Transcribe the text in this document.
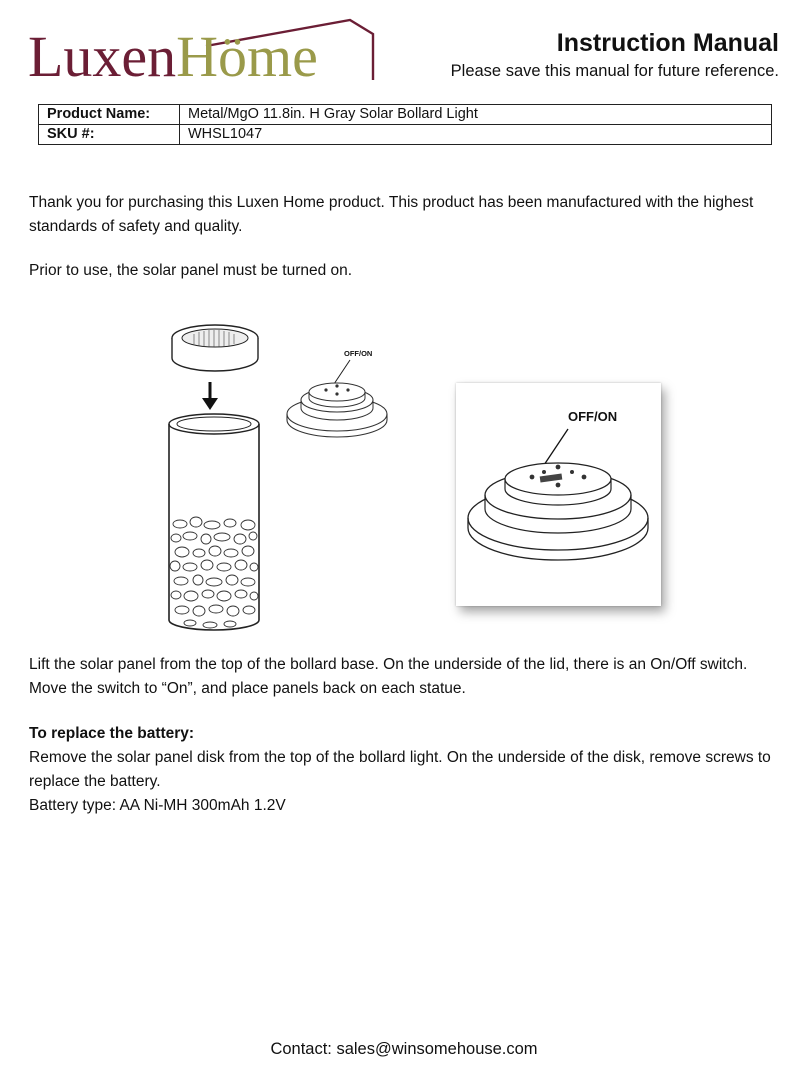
LuxenHöme	Instruction Manual
Please save this manual for future reference.
Product Name:	Metal/MgO 11.8in. H Gray Solar Bollard Light
SKU #:	WHSL1047
Thank you for purchasing this Luxen Home product. This product has been manufactured with the highest standards of safety and quality.
Prior to use, the solar panel must be turned on.
OFF/ON
OFF/ON
Lift the solar panel from the top of the bollard base. On the underside of the lid, there is an On/Off switch. Move the switch to “On”, and place panels back on each statue.
To replace the battery:
Remove the solar panel disk from the top of the bollard light. On the underside of the disk, remove screws to replace the battery.
Battery type: AA Ni-MH 300mAh 1.2V
Contact: sales@winsomehouse.com
